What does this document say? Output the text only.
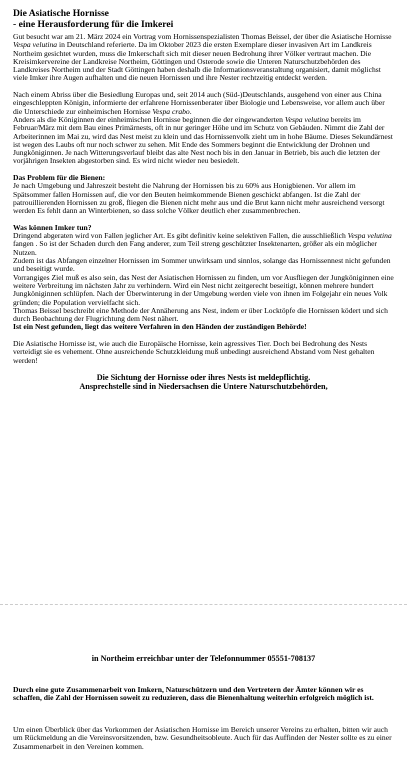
Die Asiatische Hornisse
- eine Herausforderung für die Imkerei

Gut besucht war am 21. März 2024 ein Vortrag vom Hornissenspezialisten Thomas Beissel, der über die Asiatische Hornisse Vespa velutina in Deutschland referierte. Da im Oktober 2023 die ersten Exemplare dieser invasiven Art im Landkreis Northeim gesichtet wurden, muss die Imkerschaft sich mit dieser neuen Bedrohung ihrer Völker vertraut machen. Die Kreisimkervereine der Landkreise Northeim, Göttingen und Osterode sowie die Unteren Naturschutzbehörden des Landkreises Northeim und der Stadt Göttingen haben deshalb die Informationsveranstaltung organisiert, damit möglichst viele Imker ihre Augen aufhalten und die neuen Hornissen und ihre Nester rechtzeitig entdeckt werden.

Nach einem Abriss über die Besiedlung Europas und, seit 2014 auch (Süd-)Deutschlands, ausgehend von einer aus China eingeschleppten Königin, informierte der erfahrene Hornissenberater über Biologie und Lebensweise, vor allem auch über die Unterschiede zur einheimischen Hornisse Vespa crabo.

Anders als die Königinnen der einheimischen Hornisse beginnen die der eingewanderten Vespa velutina bereits im Februar/März mit dem Bau eines Primärnests, oft in nur geringer Höhe und im Schutz von Gebäuden. Nimmt die Zahl der Arbeiterinnen im Mai zu, wird das Nest meist zu klein und das Hornissenvolk zieht um in hohe Bäume. Dieses Sekundärnest ist wegen des Laubs oft nur noch schwer zu sehen. Mit Ende des Sommers beginnt die Entwicklung der Drohnen und Jungköniginnen. Je nach Witterungsverlauf bleibt das alte Nest noch bis in den Januar in Betrieb, bis auch die letzten der vorjährigen Insekten abgestorben sind. Es wird nicht wieder neu besiedelt.

Das Problem für die Bienen:

Je nach Umgebung und Jahreszeit besteht die Nahrung der Hornissen bis zu 60% aus Honigbienen. Vor allem im Spätsommer fallen Hornissen auf, die vor den Beuten heimkommende Bienen geschickt abfangen. Ist die Zahl der patrouillierenden Hornissen zu groß, fliegen die Bienen nicht mehr aus und die Brut kann nicht mehr ausreichend versorgt werden Es fehlt dann an Winterbienen, so dass solche Völker deutlich eher zusammenbrechen.

Was können Imker tun?

Dringend abgeraten wird von Fallen jeglicher Art. Es gibt definitiv keine selektiven Fallen, die ausschließlich Vespa velutina fangen . So ist der Schaden durch den Fang anderer, zum Teil streng geschützter Insektenarten, größer als ein möglicher Nutzen.

Zudem ist das Abfangen einzelner Hornissen im Sommer unwirksam und sinnlos, solange das Hornissennest nicht gefunden und beseitigt wurde.

Vorrangiges Ziel muß es also sein, das Nest der Asiatischen Hornissen zu finden, um vor Ausfliegen der Jungköniginnen eine weitere Verbreitung im nächsten Jahr zu verhindern. Wird ein Nest nicht zeitgerecht beseitigt, können mehrere hundert Jungköniginnen schlüpfen. Nach der Überwinterung in der Umgebung werden viele von ihnen im Folgejahr ein neues Volk gründen; die Population vervielfacht sich.

Thomas Beissel beschreibt eine Methode der Annäherung ans Nest, indem er über Locktöpfe die Hornissen ködert und sich durch Beobachtung der Flugrichtung dem Nest nähert.

Ist ein Nest gefunden, liegt das weitere Verfahren in den Händen der zuständigen Behörde!

Die Asiatische Hornisse ist, wie auch die Europäische Hornisse, kein agressives Tier. Doch bei Bedrohung des Nests verteidigt sie es vehement. Ohne ausreichende Schutzkleidung muß unbedingt ausreichend Abstand vom Nest gehalten werden!

Die Sichtung der Hornisse oder ihres Nests ist meldepflichtig.

Ansprechstelle sind in Niedersachsen die Untere Naturschutzbehörden,

in Northeim erreichbar unter der Telefonnummer 05551-708137

Durch eine gute Zusammenarbeit von Imkern, Naturschützern und den Vertretern der Ämter können wir es schaffen, die Zahl der Hornissen soweit zu reduzieren, dass die Bienenhaltung weiterhin erfolgreich möglich ist.

Um einen Überblick über das Vorkommen der Asiatischen Hornisse im Bereich unserer Vereins zu erhalten, bitten wir auch um Rückmeldung an die Vereinsvorsitzenden, bzw. Gesundheitsobleute. Auch für das Auffinden der Nester sollte es zu einer Zusammenarbeit in den Vereinen kommen.
